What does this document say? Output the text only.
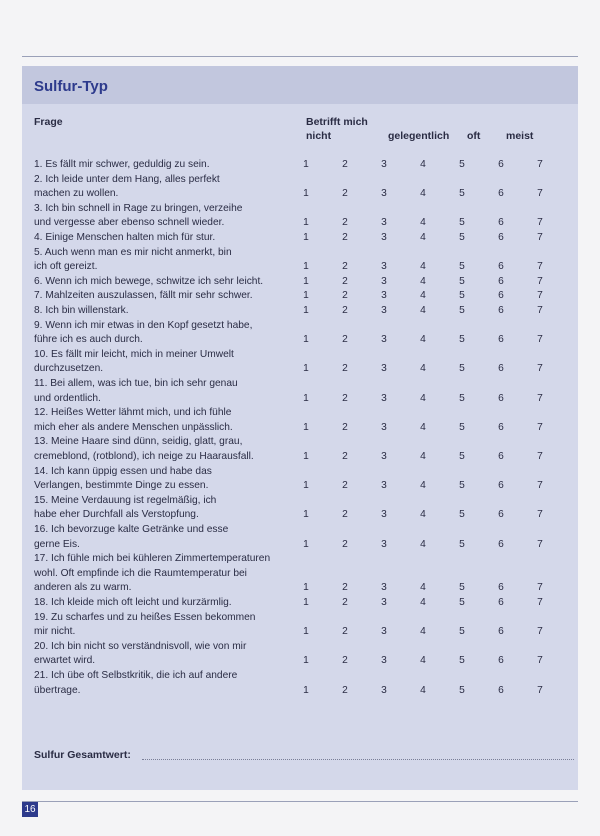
Sulfur-Typ
Frage	Betrifft mich
nicht	gelegentlich oft meist
1. Es fällt mir schwer, geduldig zu sein.	1	2	3	4	5	6	7
2. Ich leide unter dem Hang, alles perfekt
machen zu wollen.	1	2	3	4	5	6	7
3. Ich bin schnell in Rage zu bringen, verzeihe
und vergesse aber ebenso schnell wieder.	1	2	3	4	5	6	7
4. Einige Menschen halten mich für stur.	1	2	3	4	5	6	7
5. Auch wenn man es mir nicht anmerkt, bin
ich oft gereizt.	1	2	3	4	5	6	7
6. Wenn ich mich bewege, schwitze ich sehr leicht.	1	2	3	4	5	6	7
7. Mahlzeiten auszulassen, fällt mir sehr schwer.	1	2	3	4	5	6	7
8. Ich bin willenstark.	1	2	3	4	5	6	7
9. Wenn ich mir etwas in den Kopf gesetzt habe,
führe ich es auch durch.	1	2	3	4	5	6	7
10. Es fällt mir leicht, mich in meiner Umwelt
durchzusetzen.	1	2	3	4	5	6	7
11. Bei allem, was ich tue, bin ich sehr genau
und ordentlich.	1	2	3	4	5	6	7
12. Heißes Wetter lähmt mich, und ich fühle
mich eher als andere Menschen unpässlich.	1	2	3	4	5	6	7
13. Meine Haare sind dünn, seidig, glatt, grau,
cremeblond, (rotblond), ich neige zu Haarausfall.	1	2	3	4	5	6	7
14. Ich kann üppig essen und habe das
Verlangen, bestimmte Dinge zu essen.	1	2	3	4	5	6	7
15. Meine Verdauung ist regelmäßig, ich
habe eher Durchfall als Verstopfung.	1	2	3	4	5	6	7
16. Ich bevorzuge kalte Getränke und esse
gerne Eis.	1	2	3	4	5	6	7
17. Ich fühle mich bei kühleren Zimmertemperaturen
wohl. Oft empfinde ich die Raumtemperatur bei
anderen als zu warm.	1	2	3	4	5	6	7
18. Ich kleide mich oft leicht und kurzärmlig.	1	2	3	4	5	6	7
19. Zu scharfes und zu heißes Essen bekommen
mir nicht.	1	2	3	4	5	6	7
20. Ich bin nicht so verständnisvoll, wie von mir
erwartet wird.	1	2	3	4	5	6	7
21. Ich übe oft Selbstkritik, die ich auf andere
übertrage.	1	2	3	4	5	6	7
Sulfur Gesamtwert:
16
